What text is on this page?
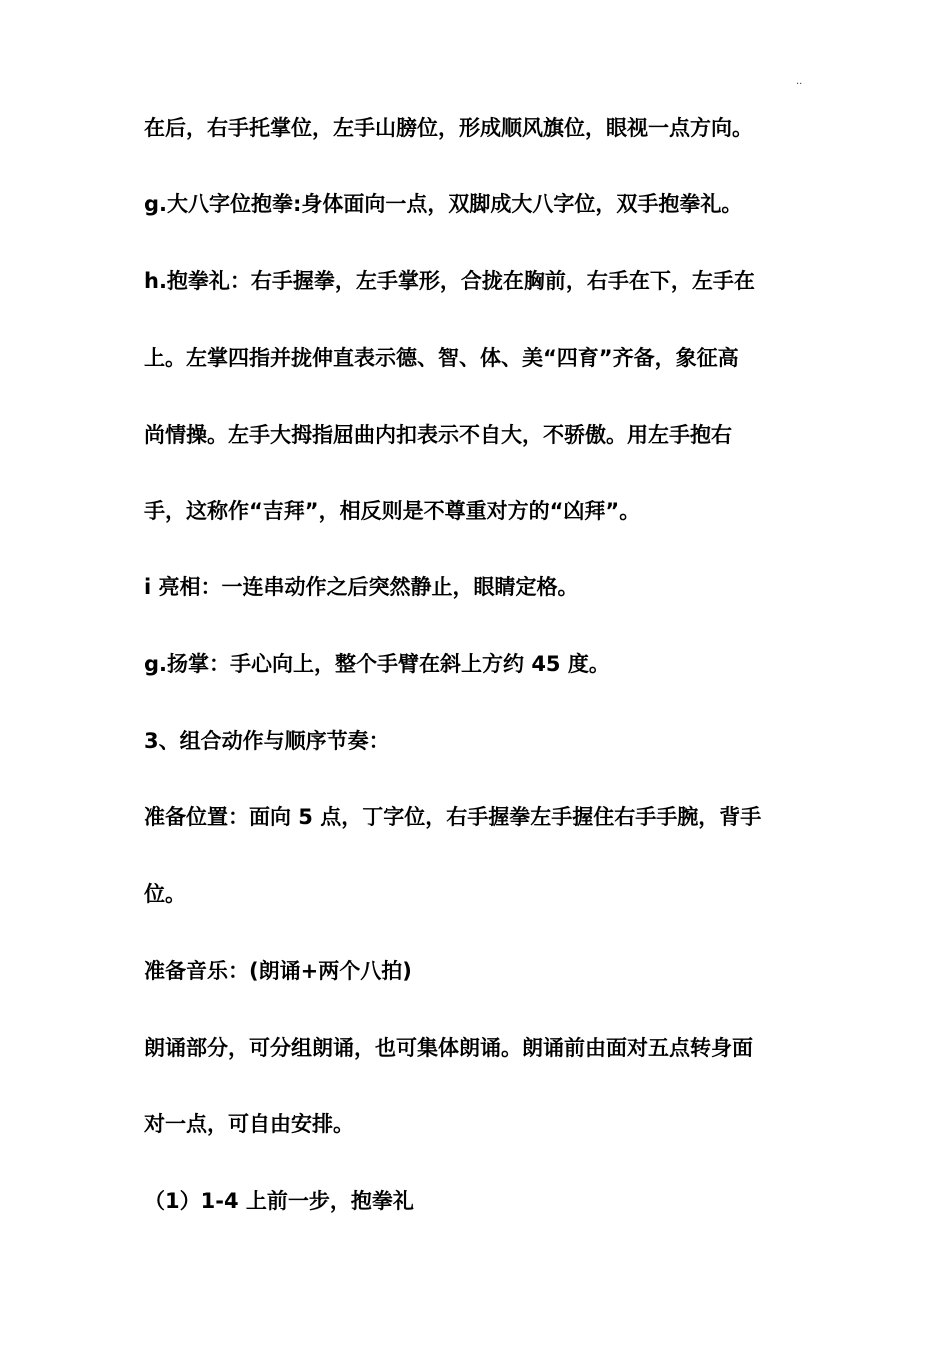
..
在后，右手托掌位，左手山膀位，形成顺风旗位，眼视一点方向。
g.大八字位抱拳:身体面向一点，双脚成大八字位，双手抱拳礼。
h.抱拳礼：右手握拳，左手掌形，合拢在胸前，右手在下，左手在
上。左掌四指并拢伸直表示德、智、体、美“四育”齐备，象征高
尚情操。左手大拇指屈曲内扣表示不自大，不骄傲。用左手抱右
手，这称作“吉拜”，相反则是不尊重对方的“凶拜”。
i 亮相：一连串动作之后突然静止，眼睛定格。
g.扬掌：手心向上，整个手臂在斜上方约 45 度。
3、组合动作与顺序节奏：
准备位置：面向 5 点，丁字位，右手握拳左手握住右手手腕，背手
位。
准备音乐：(朗诵+两个八拍)
朗诵部分，可分组朗诵，也可集体朗诵。朗诵前由面对五点转身面
对一点，可自由安排。
（1）1-4 上前一步，抱拳礼
